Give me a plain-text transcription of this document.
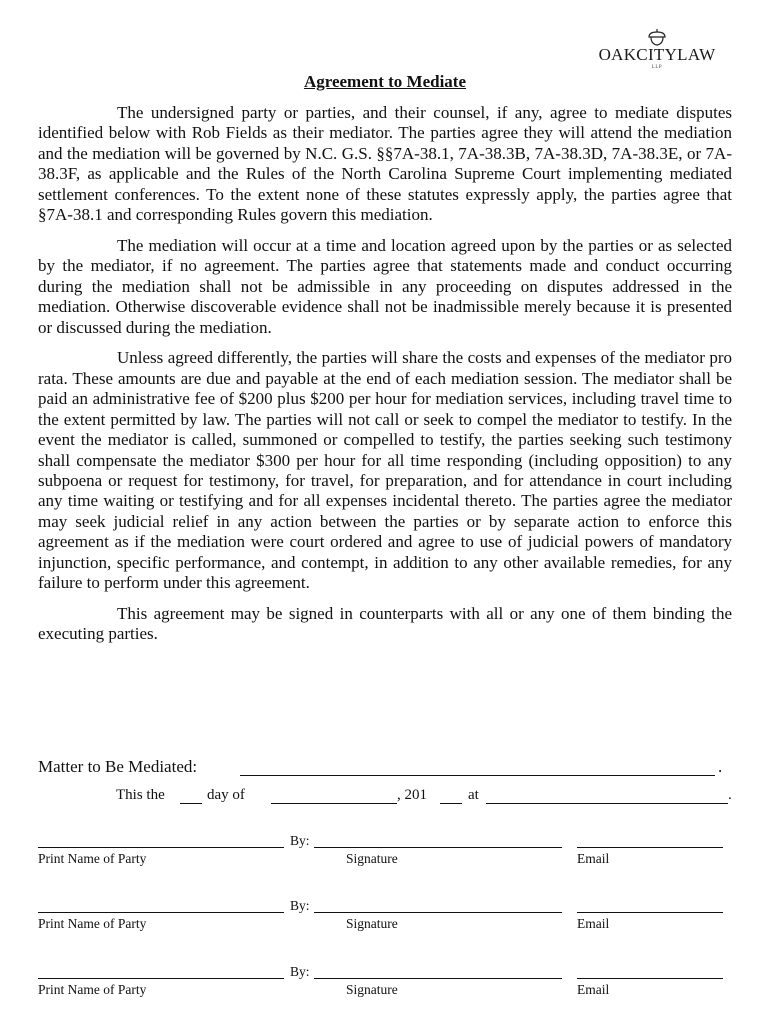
OAKCITYLAW
LLP
Agreement to Mediate

The undersigned party or parties, and their counsel, if any, agree to mediate disputes identified below with Rob Fields as their mediator. The parties agree they will attend the mediation and the mediation will be governed by N.C. G.S. §§7A-38.1, 7A-38.3B, 7A-38.3D, 7A-38.3E, or 7A-38.3F, as applicable and the Rules of the North Carolina Supreme Court implementing mediated settlement conferences. To the extent none of these statutes expressly apply, the parties agree that §7A-38.1 and corresponding Rules govern this mediation.

The mediation will occur at a time and location agreed upon by the parties or as selected by the mediator, if no agreement. The parties agree that statements made and conduct occurring during the mediation shall not be admissible in any proceeding on disputes addressed in the mediation. Otherwise discoverable evidence shall not be inadmissible merely because it is presented or discussed during the mediation.

Unless agreed differently, the parties will share the costs and expenses of the mediator pro rata. These amounts are due and payable at the end of each mediation session. The mediator shall be paid an administrative fee of $200 plus $200 per hour for mediation services, including travel time to the extent permitted by law. The parties will not call or seek to compel the mediator to testify. In the event the mediator is called, summoned or compelled to testify, the parties seeking such testimony shall compensate the mediator $300 per hour for all time responding (including opposition) to any subpoena or request for testimony, for travel, for preparation, and for attendance in court including any time waiting or testifying and for all expenses incidental thereto. The parties agree the mediator may seek judicial relief in any action between the parties or by separate action to enforce this agreement as if the mediation were court ordered and agree to use of judicial powers of mandatory injunction, specific performance, and contempt, in addition to any other available remedies, for any failure to perform under this agreement.

This agreement may be signed in counterparts with all or any one of them binding the executing parties.

Matter to Be Mediated:	.
This the	day of	, 201	at	.
By:
Print Name of Party	Signature	Email
By:
Print Name of Party	Signature	Email
By:
Print Name of Party	Signature	Email
